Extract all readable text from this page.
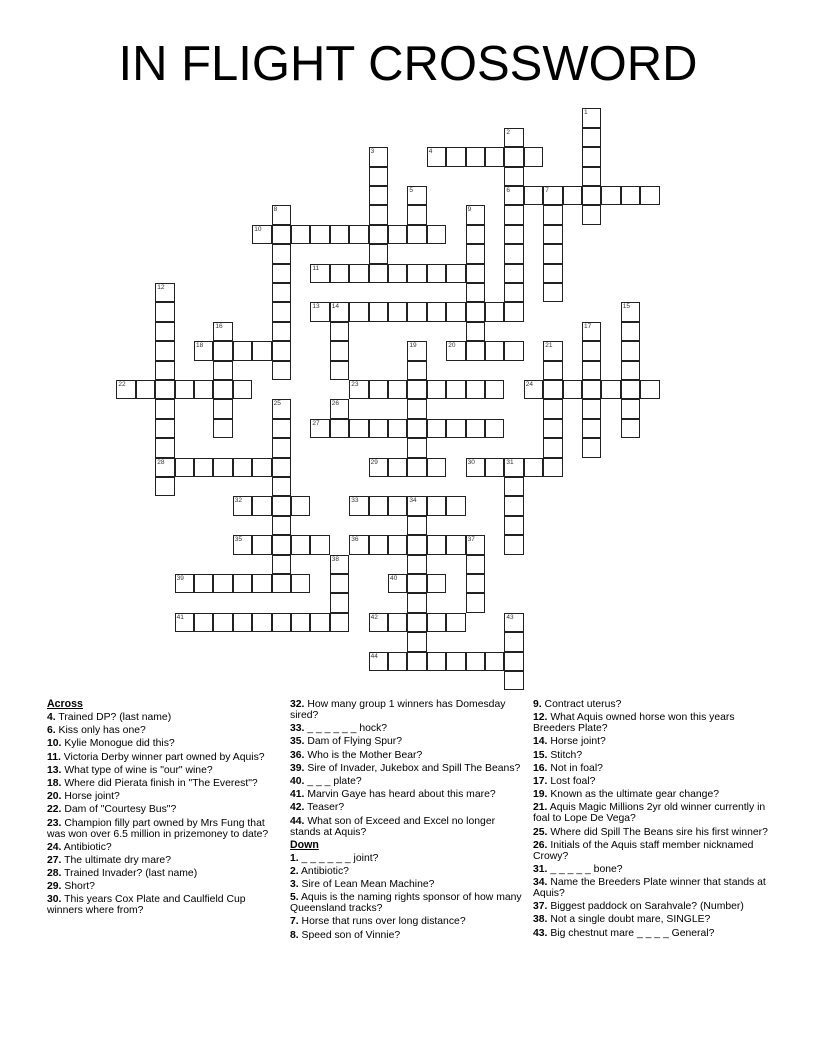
IN FLIGHT CROSSWORD
1
2
6
3	4
5	7
8	9
10
11
12
28
13 14	15
16	17
18	19	20	21
22	23	24
25	26
27
29	30	31
32	33	34
35	36	37
38
39	40
41	42	43
44
Across
4. Trained DP? (last name)
6. Kiss only has one?
10. Kylie Monogue did this?
11. Victoria Derby winner part owned by Aquis?
13. What type of wine is "our" wine?
18. Where did Pierata finish in "The Everest"?
20. Horse joint?
22. Dam of "Courtesy Bus"?
23. Champion filly part owned by Mrs Fung that was won over 6.5 million in prizemoney to date?
24. Antibiotic?
27. The ultimate dry mare?
28. Trained Invader? (last name)
29. Short?
30. This years Cox Plate and Caulfield Cup winners where from?
32. How many group 1 winners has Domesday sired?
33. _ _ _ _ _ _ hock?
35. Dam of Flying Spur?
36. Who is the Mother Bear?
39. Sire of Invader, Jukebox and Spill The Beans?
40. _ _ _ plate?
41. Marvin Gaye has heard about this mare?
42. Teaser?
44. What son of Exceed and Excel no longer stands at Aquis?
Down
1. _ _ _ _ _ _ joint?
2. Antibiotic?
3. Sire of Lean Mean Machine?
5. Aquis is the naming rights sponsor of how many Queensland tracks?
7. Horse that runs over long distance?
8. Speed son of Vinnie?
9. Contract uterus?
12. What Aquis owned horse won this years Breeders Plate?
14. Horse joint?
15. Stitch?
16. Not in foal?
17. Lost foal?
19. Known as the ultimate gear change?
21. Aquis Magic Millions 2yr old winner currently in foal to Lope De Vega?
25. Where did Spill The Beans sire his first winner?
26. Initials of the Aquis staff member nicknamed Crowy?
31. _ _ _ _ _ bone?
34. Name the Breeders Plate winner that stands at Aquis?
37. Biggest paddock on Sarahvale? (Number)
38. Not a single doubt mare, SINGLE?
43. Big chestnut mare _ _ _ _ General?
